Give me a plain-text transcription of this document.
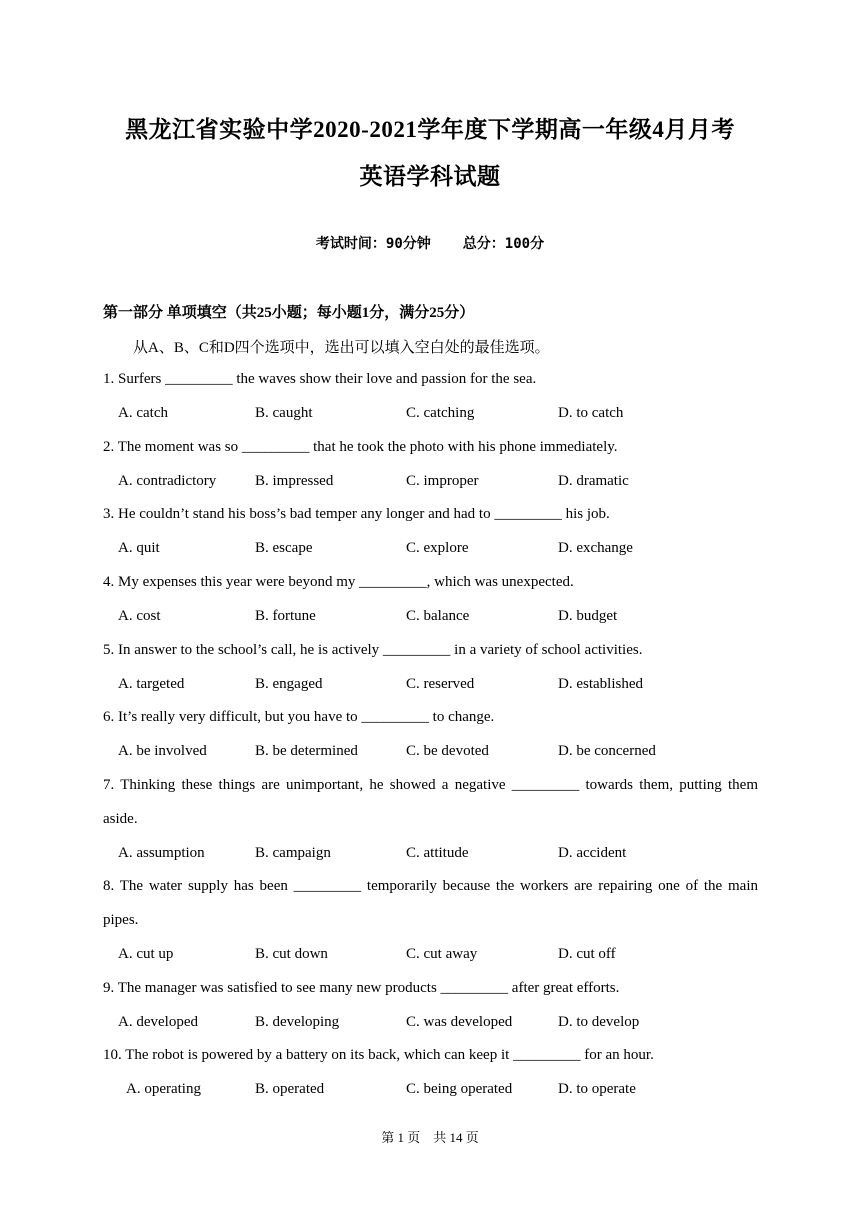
黑龙江省实验中学2020-2021学年度下学期高一年级4月月考
英语学科试题
考试时间：90分钟 总分：100分
第一部分 单项填空（共25小题；每小题1分，满分25分）
从A、B、C和D四个选项中，选出可以填入空白处的最佳选项。
1. Surfers _________ the waves show their love and passion for the sea.
A. catch	B. caught	C. catching	D. to catch
2. The moment was so _________ that he took the photo with his phone immediately.
A. contradictory	B. impressed	C. improper	D. dramatic
3. He couldn’t stand his boss’s bad temper any longer and had to _________ his job.
A. quit	B. escape	C. explore	D. exchange
4. My expenses this year were beyond my _________, which was unexpected.
A. cost	B. fortune	C. balance	D. budget
5. In answer to the school’s call, he is actively _________ in a variety of school activities.
A. targeted	B. engaged	C. reserved	D. established
6. It’s really very difficult, but you have to _________ to change.
A. be involved	B. be determined	C. be devoted	D. be concerned
7. Thinking these things are unimportant, he showed a negative _________ towards them, putting them
aside.
A. assumption	B. campaign	C. attitude	D. accident
8. The water supply has been _________ temporarily because the workers are repairing one of the main
pipes.
A. cut up	B. cut down	C. cut away	D. cut off
9. The manager was satisfied to see many new products _________ after great efforts.
A. developed	B. developing	C. was developed	D. to develop
10. The robot is powered by a battery on its back, which can keep it _________ for an hour.
A. operating	B. operated	C. being operated	D. to operate
第 1 页　共 14 页
